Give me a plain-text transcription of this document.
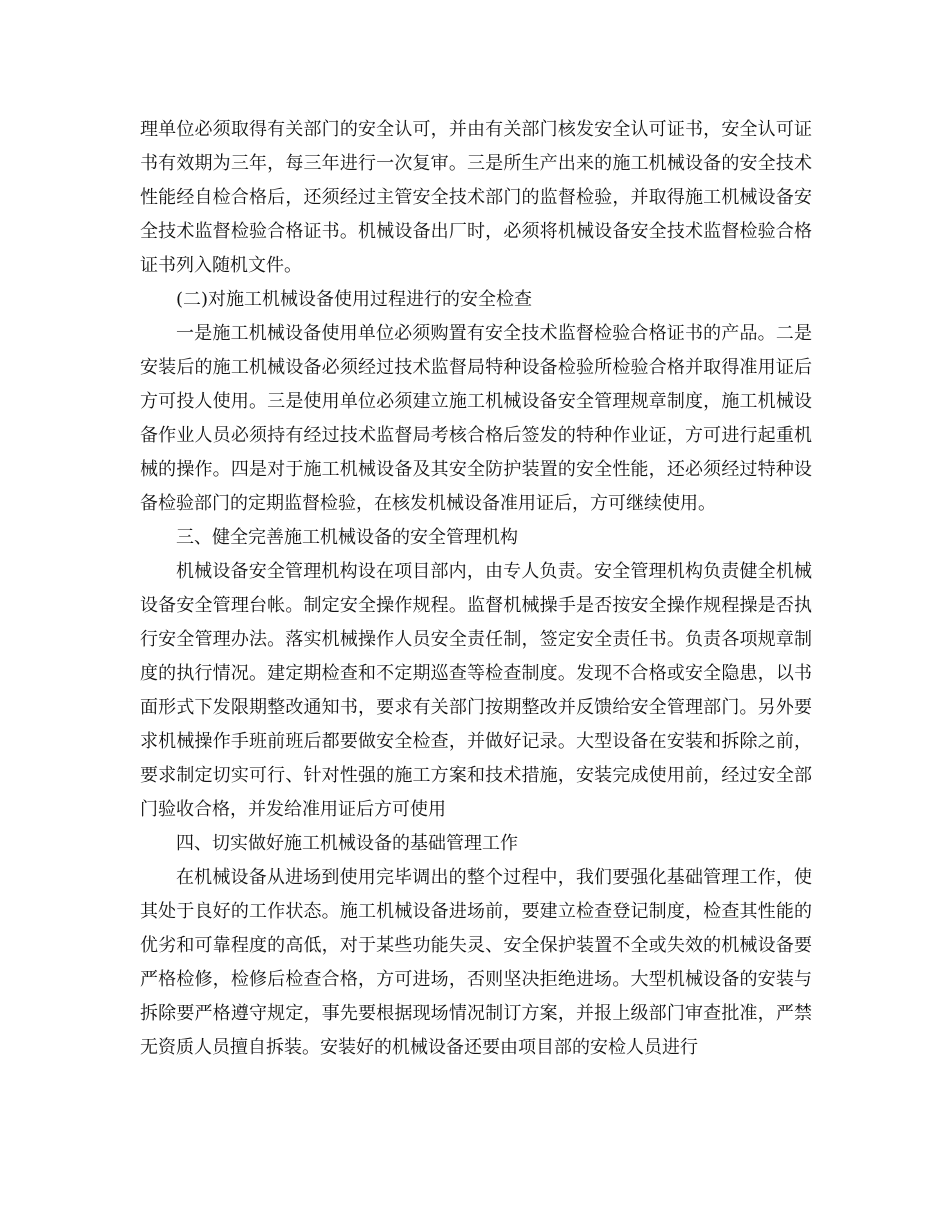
理单位必须取得有关部门的安全认可，并由有关部门核发安全认可证书，安全认可证书有效期为三年，每三年进行一次复审。三是所生产出来的施工机械设备的安全技术性能经自检合格后，还须经过主管安全技术部门的监督检验，并取得施工机械设备安全技术监督检验合格证书。机械设备出厂时，必须将机械设备安全技术监督检验合格证书列入随机文件。

(二)对施工机械设备使用过程进行的安全检查

一是施工机械设备使用单位必须购置有安全技术监督检验合格证书的产品。二是安装后的施工机械设备必须经过技术监督局特种设备检验所检验合格并取得准用证后方可投人使用。三是使用单位必须建立施工机械设备安全管理规章制度，施工机械设备作业人员必须持有经过技术监督局考核合格后签发的特种作业证，方可进行起重机械的操作。四是对于施工机械设备及其安全防护装置的安全性能，还必须经过特种设备检验部门的定期监督检验，在核发机械设备准用证后，方可继续使用。

三、健全完善施工机械设备的安全管理机构

机械设备安全管理机构设在项目部内，由专人负责。安全管理机构负责健全机械设备安全管理台帐。制定安全操作规程。监督机械操手是否按安全操作规程操是否执行安全管理办法。落实机械操作人员安全责任制，签定安全责任书。负责各项规章制度的执行情况。建定期检查和不定期巡查等检查制度。发现不合格或安全隐患，以书面形式下发限期整改通知书，要求有关部门按期整改并反馈给安全管理部门。另外要求机械操作手班前班后都要做安全检查，并做好记录。大型设备在安装和拆除之前，要求制定切实可行、针对性强的施工方案和技术措施，安装完成使用前，经过安全部门验收合格，并发给准用证后方可使用

四、切实做好施工机械设备的基础管理工作

在机械设备从进场到使用完毕调出的整个过程中，我们要强化基础管理工作，使其处于良好的工作状态。施工机械设备进场前，要建立检查登记制度，检查其性能的优劣和可靠程度的高低，对于某些功能失灵、安全保护装置不全或失效的机械设备要严格检修，检修后检查合格，方可进场，否则坚决拒绝进场。大型机械设备的安装与拆除要严格遵守规定，事先要根据现场情况制订方案，并报上级部门审查批准，严禁无资质人员擅自拆装。安装好的机械设备还要由项目部的安检人员进行
